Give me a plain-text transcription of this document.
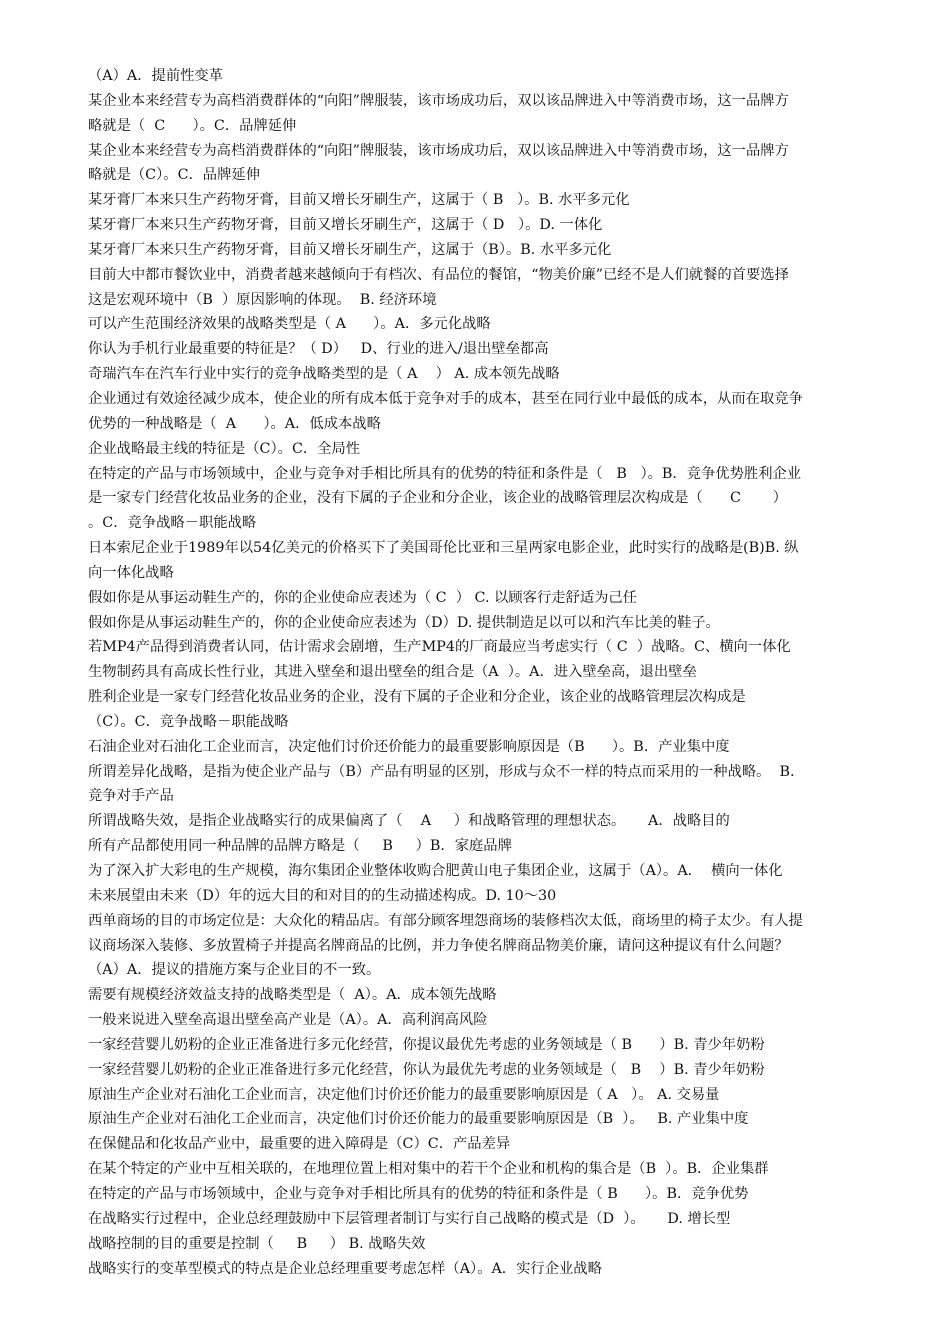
（A）A．提前性变革
某企业本来经营专为高档消费群体的“向阳”牌服装，该市场成功后，双以该品牌进入中等消费市场，这一品牌方
略就是（  C      ）。C．品牌延伸
某企业本来经营专为高档消费群体的“向阳”牌服装，该市场成功后，双以该品牌进入中等消费市场，这一品牌方
略就是（C）。C．品牌延伸
某牙膏厂本来只生产药物牙膏，目前又增长牙刷生产，这属于（ B   ）。B. 水平多元化
某牙膏厂本来只生产药物牙膏，目前又增长牙刷生产，这属于（ D   ）。D. 一体化
某牙膏厂本来只生产药物牙膏，目前又增长牙刷生产，这属于（B）。B. 水平多元化
目前大中都市餐饮业中，消费者越来越倾向于有档次、有品位的餐馆，“物美价廉”已经不是人们就餐的首要选择
这是宏观环境中（B  ）原因影响的体现。  B. 经济环境
可以产生范围经济效果的战略类型是（ A      ）。A．多元化战略
你认为手机行业最重要的特征是？（ D）   D、行业的进入/退出壁垒都高
奇瑞汽车在汽车行业中实行的竞争战略类型的是（ A    ） A. 成本领先战略
企业通过有效途径减少成本，使企业的所有成本低于竞争对手的成本，甚至在同行业中最低的成本，从而在取竞争
优势的一种战略是（  A      ）。A．低成本战略
企业战略最主线的特征是（C）。C．全局性
在特定的产品与市场领域中，企业与竞争对手相比所具有的优势的特征和条件是（   B   ）。B．竞争优势胜利企业
是一家专门经营化妆品业务的企业，没有下属的子企业和分企业，该企业的战略管理层次构成是（      C       ）
。C．竞争战略－职能战略
日本索尼企业于1989年以54亿美元的价格买下了美国哥伦比亚和三星两家电影企业，此时实行的战略是(B)B. 纵
向一体化战略
假如你是从事运动鞋生产的，你的企业使命应表述为（ C  ） C. 以顾客行走舒适为己任
假如你是从事运动鞋生产的，你的企业使命应表述为（D）D. 提供制造足以可以和汽车比美的鞋子。
若MP4产品得到消费者认同，估计需求会剧增，生产MP4的厂商最应当考虑实行（ C  ）战略。C、横向一体化
生物制药具有高成长性行业，其进入壁垒和退出壁垒的组合是（A  ）。A．进入壁垒高，退出壁垒
胜利企业是一家专门经营化妆品业务的企业，没有下属的子企业和分企业，该企业的战略管理层次构成是
（C）。C．竞争战略－职能战略
石油企业对石油化工企业而言，决定他们讨价还价能力的最重要影响原因是（B      ）。B．产业集中度
所谓差异化战略，是指为使企业产品与（B）产品有明显的区别，形成与众不一样的特点而采用的一种战略。  B.
竞争对手产品
所谓战略失效，是指企业战略实行的成果偏离了（    A     ）和战略管理的理想状态。     A．战略目的
所有产品都使用同一种品牌的品牌方略是（     B     ）B．家庭品牌
为了深入扩大彩电的生产规模，海尔集团企业整体收购合肥黄山电子集团企业，这属于（A）。A．  横向一体化
未来展望由未来（D）年的远大目的和对目的的生动描述构成。D. 10～30
西单商场的目的市场定位是：大众化的精品店。有部分顾客埋怨商场的装修档次太低，商场里的椅子太少。有人提
议商场深入装修、多放置椅子并提高名牌商品的比例，并力争使名牌商品物美价廉，请问这种提议有什么问题？
（A）A．提议的措施方案与企业目的不一致。
需要有规模经济效益支持的战略类型是（  A）。A．成本领先战略
一般来说进入壁垒高退出壁垒高产业是（A）。A．高利润高风险
一家经营婴儿奶粉的企业正准备进行多元化经营，你提议最优先考虑的业务领域是（ B      ）B. 青少年奶粉
一家经营婴儿奶粉的企业正准备进行多元化经营，你认为最优先考虑的业务领域是（   B    ）B. 青少年奶粉
原油生产企业对石油化工企业而言，决定他们讨价还价能力的最重要影响原因是（ A   ）。 A. 交易量
原油生产企业对石油化工企业而言，决定他们讨价还价能力的最重要影响原因是（B  ）。   B. 产业集中度
在保健品和化妆品产业中，最重要的进入障碍是（C）C．产品差异
在某个特定的产业中互相关联的，在地理位置上相对集中的若干个企业和机构的集合是（B  ）。B．企业集群
在特定的产品与市场领域中，企业与竞争对手相比所具有的优势的特征和条件是（ B      ）。B．竞争优势
在战略实行过程中，企业总经理鼓励中下层管理者制订与实行自己战略的模式是（D  ）。     D. 增长型
战略控制的目的重要是控制（     B     ） B. 战略失效
战略实行的变革型模式的特点是企业总经理重要考虑怎样（A）。A．实行企业战略
